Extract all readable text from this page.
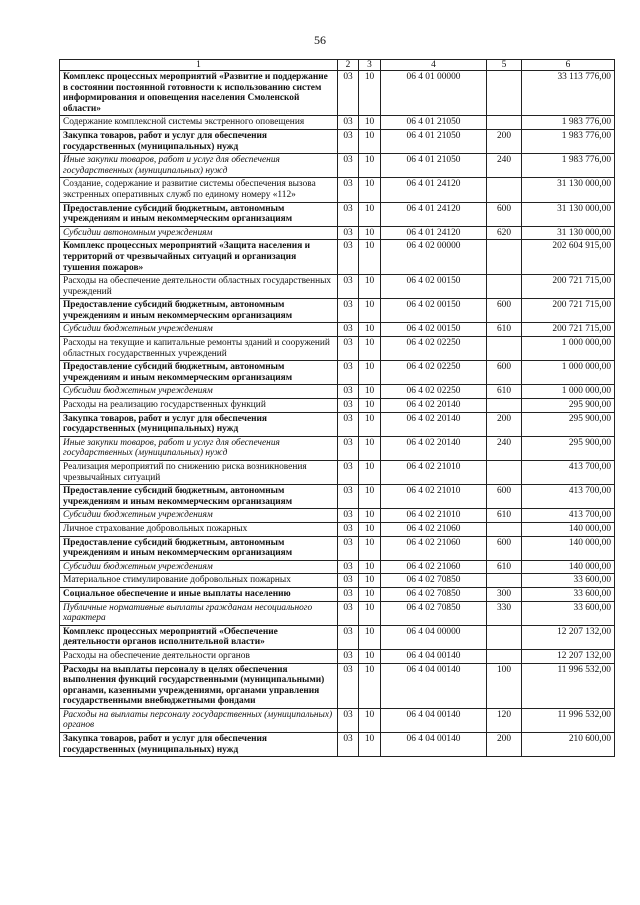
56
1	2	3	4	5	6
Комплекс процессных мероприятий «Развитие и поддержание в состоянии постоянной готовности к использованию систем информирования и оповещения населения Смоленской области»	03	10	06 4 01 00000		33 113 776,00
Содержание комплексной системы экстренного оповещения	03	10	06 4 01 21050		1 983 776,00
Закупка товаров, работ и услуг для обеспечения государственных (муниципальных) нужд	03	10	06 4 01 21050	200	1 983 776,00
Иные закупки товаров, работ и услуг для обеспечения государственных (муниципальных) нужд	03	10	06 4 01 21050	240	1 983 776,00
Создание, содержание и развитие системы обеспечения вызова экстренных оперативных служб по единому номеру «112»	03	10	06 4 01 24120		31 130 000,00
Предоставление субсидий бюджетным, автономным учреждениям и иным некоммерческим организациям	03	10	06 4 01 24120	600	31 130 000,00
Субсидии автономным учреждениям	03	10	06 4 01 24120	620	31 130 000,00
Комплекс процессных мероприятий «Защита населения и территорий от чрезвычайных ситуаций и организация тушения пожаров»	03	10	06 4 02 00000		202 604 915,00
Расходы на обеспечение деятельности областных государственных учреждений	03	10	06 4 02 00150		200 721 715,00
Предоставление субсидий бюджетным, автономным учреждениям и иным некоммерческим организациям	03	10	06 4 02 00150	600	200 721 715,00
Субсидии бюджетным учреждениям	03	10	06 4 02 00150	610	200 721 715,00
Расходы на текущие и капитальные ремонты зданий и сооружений областных государственных учреждений	03	10	06 4 02 02250		1 000 000,00
Предоставление субсидий бюджетным, автономным учреждениям и иным некоммерческим организациям	03	10	06 4 02 02250	600	1 000 000,00
Субсидии бюджетным учреждениям	03	10	06 4 02 02250	610	1 000 000,00
Расходы на реализацию государственных функций	03	10	06 4 02 20140		295 900,00
Закупка товаров, работ и услуг для обеспечения государственных (муниципальных) нужд	03	10	06 4 02 20140	200	295 900,00
Иные закупки товаров, работ и услуг для обеспечения государственных (муниципальных) нужд	03	10	06 4 02 20140	240	295 900,00
Реализация мероприятий по снижению риска возникновения чрезвычайных ситуаций	03	10	06 4 02 21010		413 700,00
Предоставление субсидий бюджетным, автономным учреждениям и иным некоммерческим организациям	03	10	06 4 02 21010	600	413 700,00
Субсидии бюджетным учреждениям	03	10	06 4 02 21010	610	413 700,00
Личное страхование добровольных пожарных	03	10	06 4 02 21060		140 000,00
Предоставление субсидий бюджетным, автономным учреждениям и иным некоммерческим организациям	03	10	06 4 02 21060	600	140 000,00
Субсидии бюджетным учреждениям	03	10	06 4 02 21060	610	140 000,00
Материальное стимулирование добровольных пожарных	03	10	06 4 02 70850		33 600,00
Социальное обеспечение и иные выплаты населению	03	10	06 4 02 70850	300	33 600,00
Публичные нормативные выплаты гражданам несоциального характера	03	10	06 4 02 70850	330	33 600,00
Комплекс процессных мероприятий «Обеспечение деятельности органов исполнительной власти»	03	10	06 4 04 00000		12 207 132,00
Расходы на обеспечение деятельности органов	03	10	06 4 04 00140		12 207 132,00
Расходы на выплаты персоналу в целях обеспечения выполнения функций государственными (муниципальными) органами, казенными учреждениями, органами управления государственными внебюджетными фондами	03	10	06 4 04 00140	100	11 996 532,00
Расходы на выплаты персоналу государственных (муниципальных) органов	03	10	06 4 04 00140	120	11 996 532,00
Закупка товаров, работ и услуг для обеспечения государственных (муниципальных) нужд	03	10	06 4 04 00140	200	210 600,00
